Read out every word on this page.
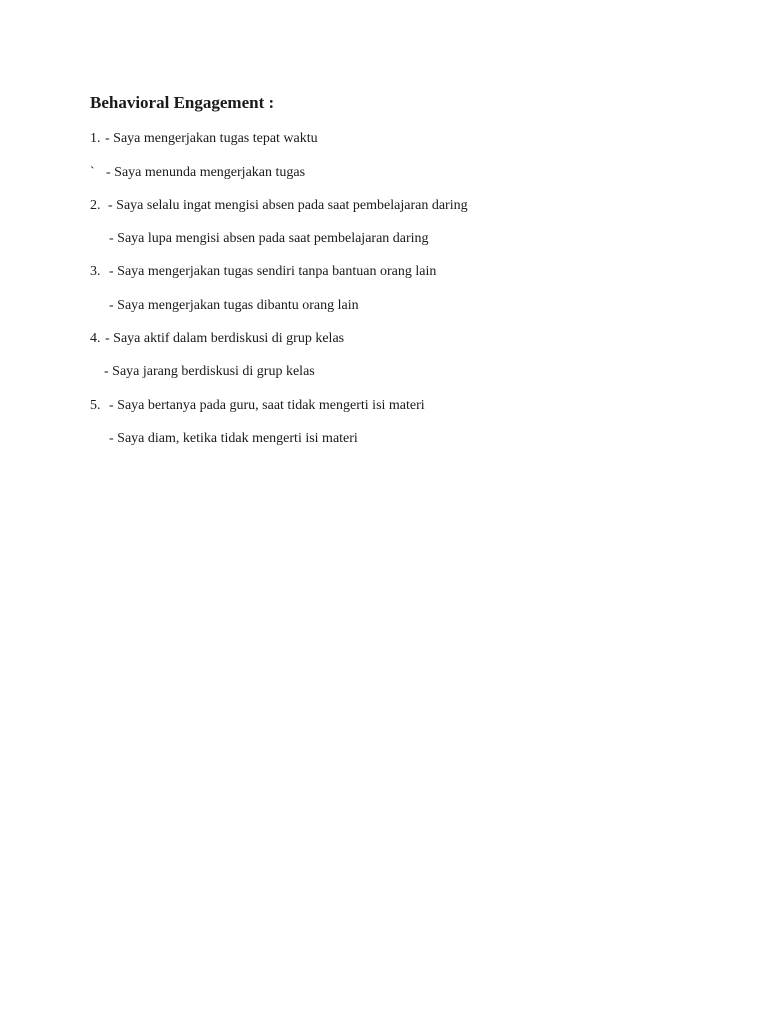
Behavioral Engagement :
1. - Saya mengerjakan tugas tepat waktu
` - Saya menunda mengerjakan tugas
2. - Saya selalu ingat mengisi absen pada saat pembelajaran daring
- Saya lupa mengisi absen pada saat pembelajaran daring
3. - Saya mengerjakan tugas sendiri tanpa bantuan orang lain
- Saya mengerjakan tugas dibantu orang lain
4. - Saya aktif dalam berdiskusi di grup kelas
- Saya jarang berdiskusi di grup kelas
5. - Saya bertanya pada guru, saat tidak mengerti isi materi
- Saya diam, ketika tidak mengerti isi materi
